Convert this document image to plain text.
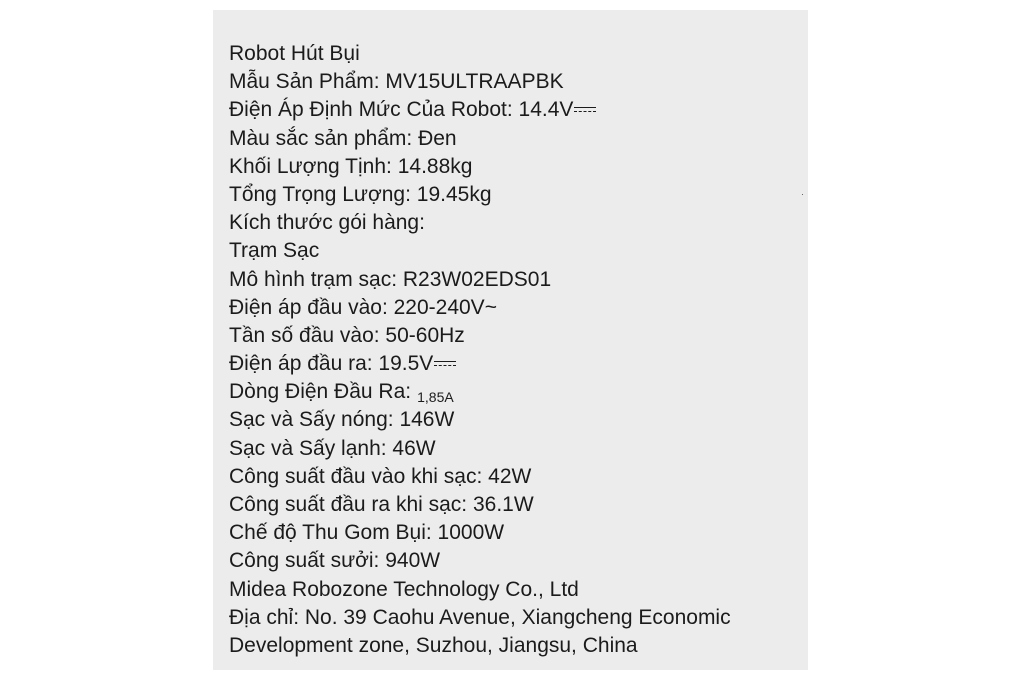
Robot Hút Bụi
Mẫu Sản Phẩm: MV15ULTRAAPBK
Điện Áp Định Mức Của Robot: 14.4V
Màu sắc sản phẩm: Đen
Khối Lượng Tịnh: 14.88kg
Tổng Trọng Lượng: 19.45kg
Kích thước gói hàng:
Trạm Sạc
Mô hình trạm sạc: R23W02EDS01
Điện áp đầu vào: 220-240V~
Tần số đầu vào: 50-60Hz
Điện áp đầu ra: 19.5V
Dòng Điện Đầu Ra: 1,85A
Sạc và Sấy nóng: 146W
Sạc và Sấy lạnh: 46W
Công suất đầu vào khi sạc: 42W
Công suất đầu ra khi sạc: 36.1W
Chế độ Thu Gom Bụi: 1000W
Công suất sưởi: 940W
Midea Robozone Technology Co., Ltd
Địa chỉ: No. 39 Caohu Avenue, Xiangcheng Economic
Development zone, Suzhou, Jiangsu, China
